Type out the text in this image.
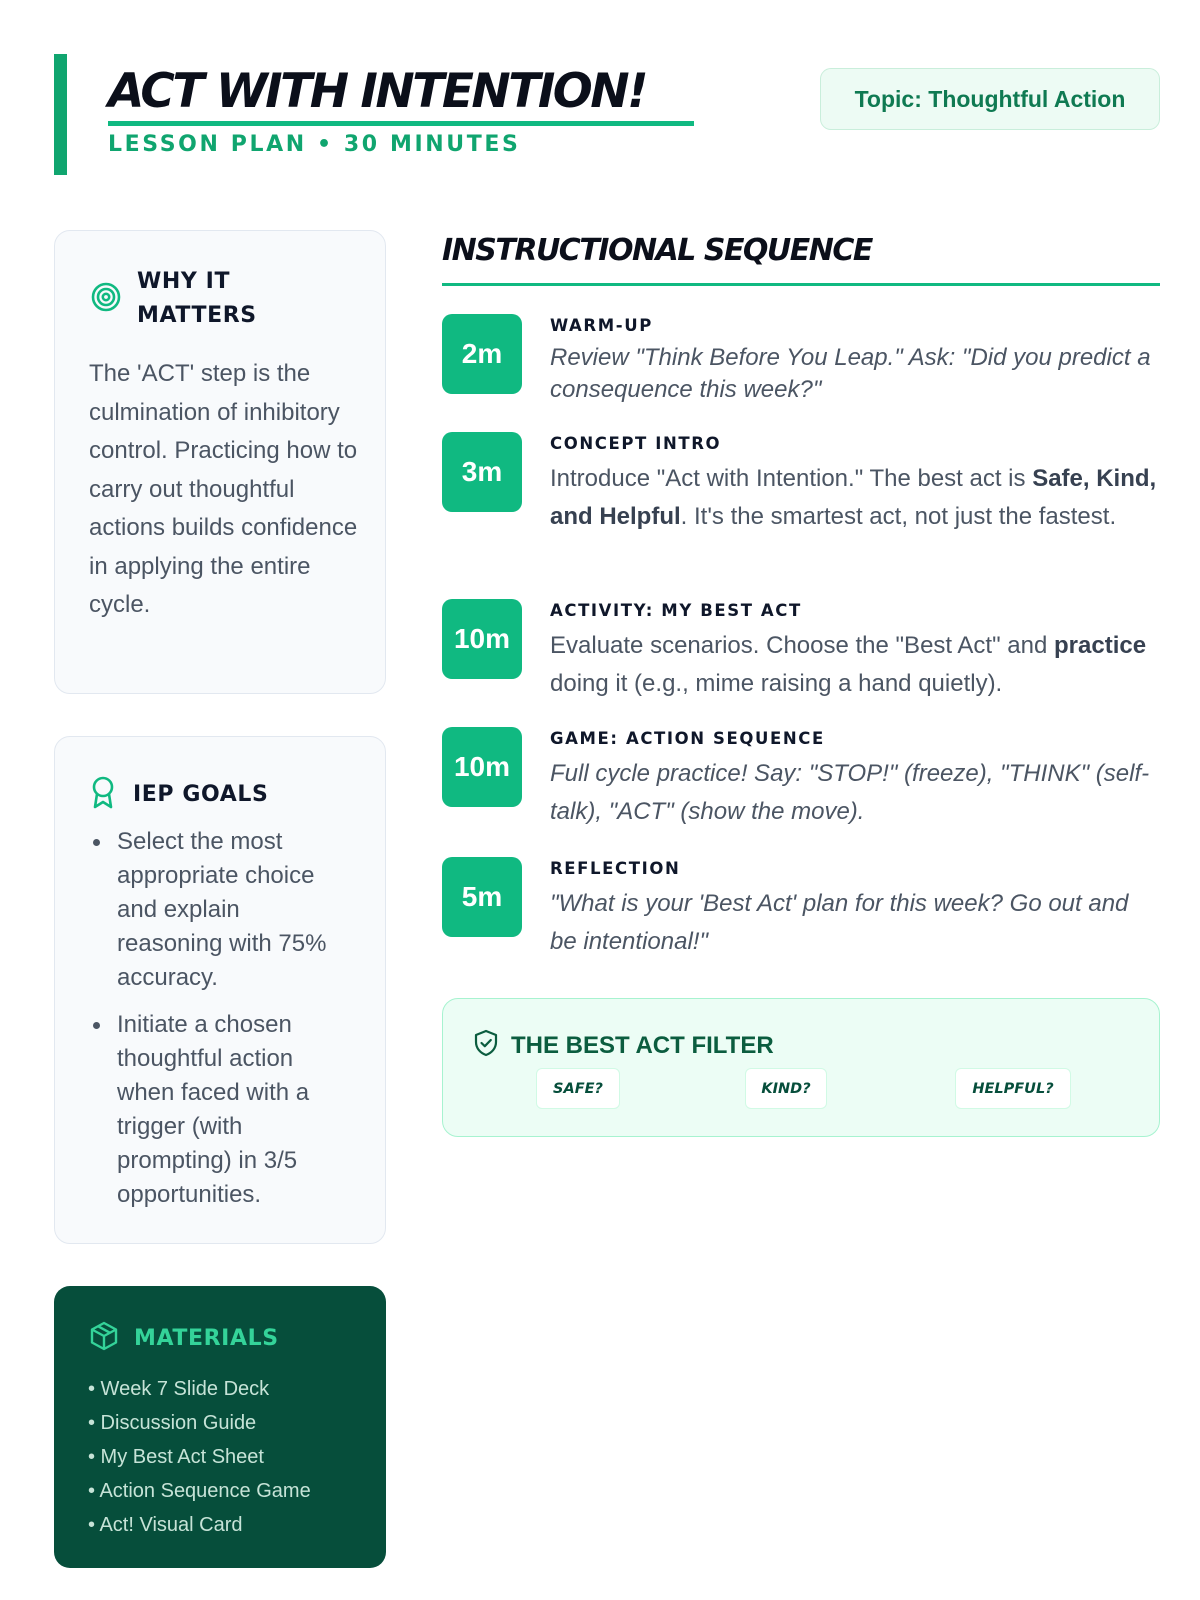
ACT WITH INTENTION!
LESSON PLAN • 30 MINUTES
Topic: Thoughtful Action
WHY IT MATTERS
The 'ACT' step is the culmination of inhibitory control. Practicing how to carry out thoughtful actions builds confidence in applying the entire cycle.
IEP GOALS
Select the most appropriate choice and explain reasoning with 75% accuracy.
Initiate a chosen thoughtful action when faced with a trigger (with prompting) in 3/5 opportunities.
MATERIALS
• Week 7 Slide Deck
• Discussion Guide
• My Best Act Sheet
• Action Sequence Game
• Act! Visual Card
INSTRUCTIONAL SEQUENCE
2m
WARM-UP
Review "Think Before You Leap." Ask: "Did you predict a consequence this week?"
3m
CONCEPT INTRO
Introduce "Act with Intention." The best act is Safe, Kind, and Helpful. It's the smartest act, not just the fastest.
10m
ACTIVITY: MY BEST ACT
Evaluate scenarios. Choose the "Best Act" and practice doing it (e.g., mime raising a hand quietly).
10m
GAME: ACTION SEQUENCE
Full cycle practice! Say: "STOP!" (freeze), "THINK" (self-talk), "ACT" (show the move).
5m
REFLECTION
"What is your 'Best Act' plan for this week? Go out and be intentional!"
THE BEST ACT FILTER
SAFE?	KIND?	HELPFUL?
